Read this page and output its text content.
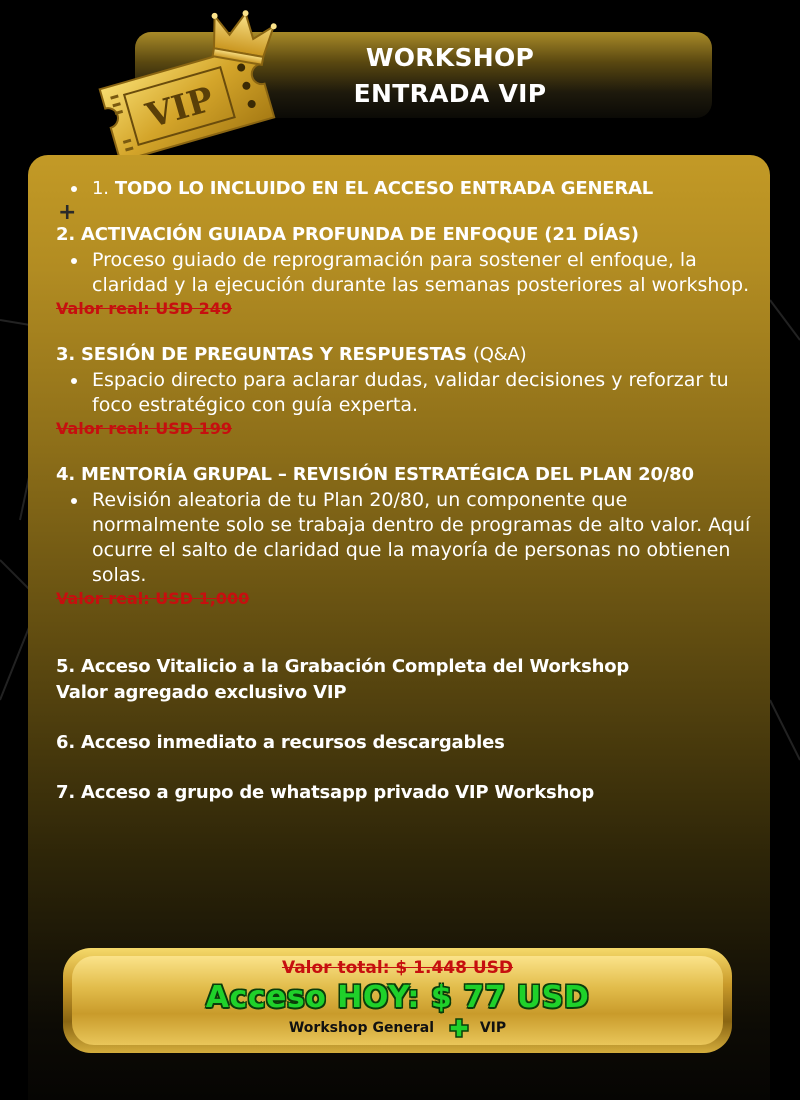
VIP
WORKSHOP
ENTRADA VIP
1. TODO LO INCLUIDO EN EL ACCESO ENTRADA GENERAL
+
2. ACTIVACIÓN GUIADA PROFUNDA DE ENFOQUE (21 DÍAS)
Proceso guiado de reprogramación para sostener el enfoque, la claridad y la ejecución durante las semanas posteriores al workshop.
Valor real: USD 249
3. SESIÓN DE PREGUNTAS Y RESPUESTAS (Q&A)
Espacio directo para aclarar dudas, validar decisiones y reforzar tu foco estratégico con guía experta.
Valor real: USD 199
4. MENTORÍA GRUPAL – REVISIÓN ESTRATÉGICA DEL PLAN 20/80
Revisión aleatoria de tu Plan 20/80, un componente que normalmente solo se trabaja dentro de programas de alto valor. Aquí ocurre el salto de claridad que la mayoría de personas no obtienen solas.
Valor real: USD 1,000
5. Acceso Vitalicio a la Grabación Completa del Workshop
Valor agregado exclusivo VIP
6. Acceso inmediato a recursos descargables
7. Acceso a grupo de whatsapp privado VIP Workshop
Valor total: $ 1.448 USD
Acceso HOY: $ 77 USD
Workshop General	VIP
